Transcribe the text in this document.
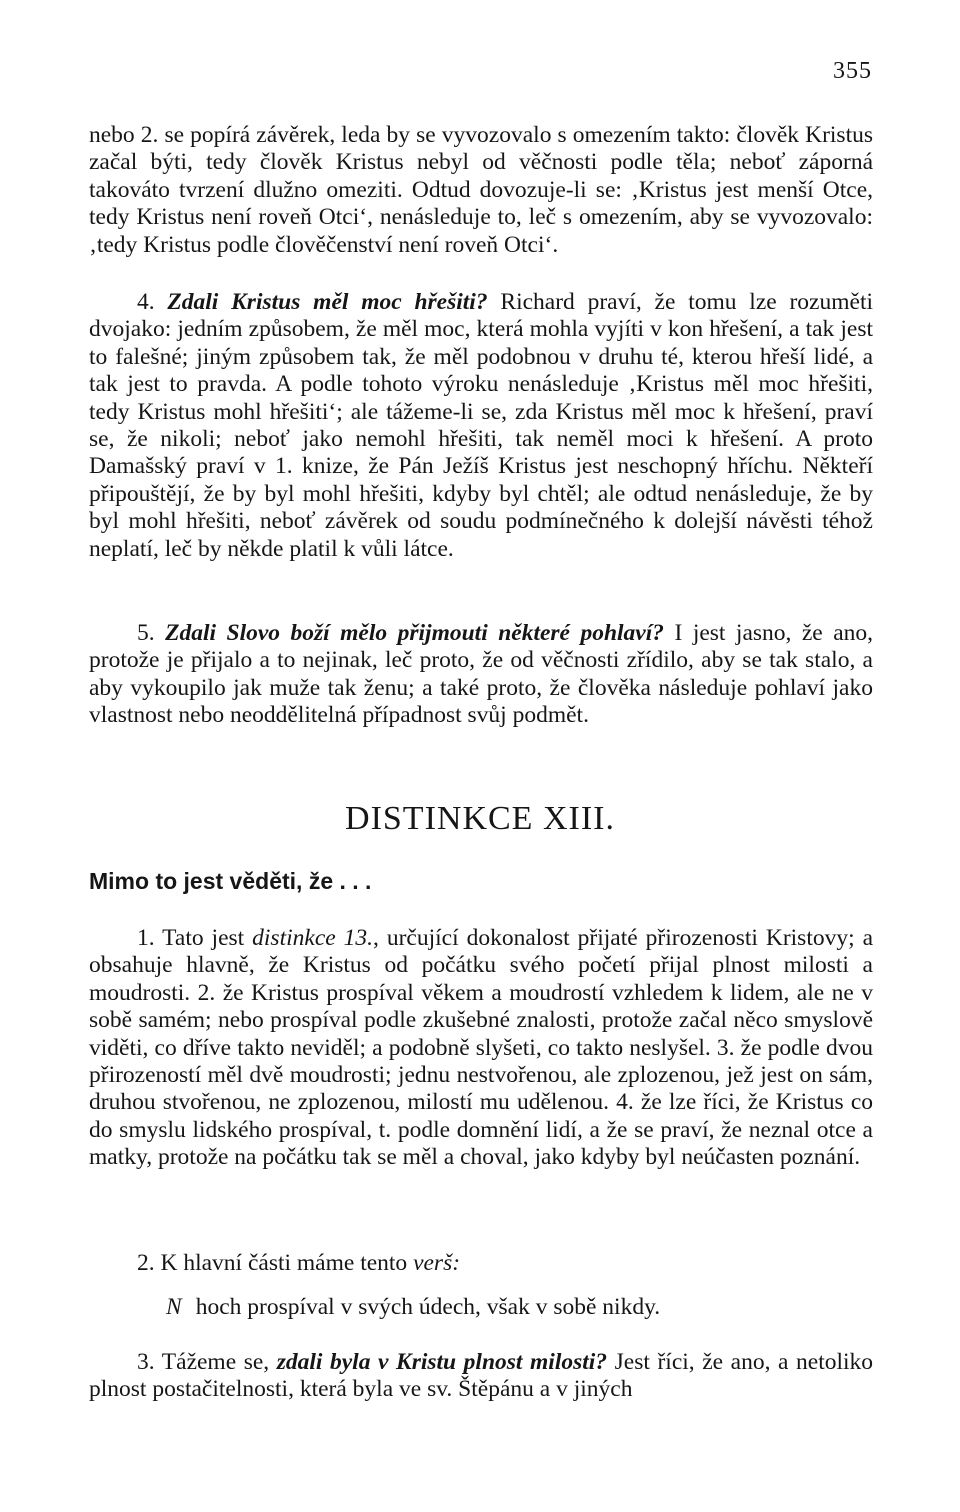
355

nebo 2. se popírá závěrek, leda by se vyvozovalo s omezením takto: člověk Kristus začal býti, tedy člověk Kristus nebyl od věčnosti podle těla; neboť záporná takováto tvrzení dlužno omeziti. Odtud dovozuje-li se: ‚Kristus jest menší Otce, tedy Kristus není roveň Otci‘, nenásleduje to, leč s omezením, aby se vyvozovalo: ‚tedy Kristus podle člověčenství není roveň Otci‘.

4. Zdali Kristus měl moc hřešiti? Richard praví, že tomu lze rozuměti dvojako: jedním způsobem, že měl moc, která mohla vyjíti v kon hřešení, a tak jest to falešné; jiným způsobem tak, že měl podobnou v druhu té, kterou hřeší lidé, a tak jest to pravda. A podle tohoto výroku nenásleduje ‚Kristus měl moc hřešiti, tedy Kristus mohl hřešiti‘; ale tážeme-li se, zda Kristus měl moc k hřešení, praví se, že nikoli; neboť jako nemohl hřešiti, tak neměl moci k hřešení. A proto Damašský praví v 1. knize, že Pán Ježíš Kristus jest neschopný hříchu. Někteří připouštějí, že by byl mohl hřešiti, kdyby byl chtěl; ale odtud nenásleduje, že by byl mohl hřešiti, neboť závěrek od soudu podmínečného k dolejší návěsti téhož neplatí, leč by někde platil k vůli látce.

5. Zdali Slovo boží mělo přijmouti některé pohlaví? I jest jasno, že ano, protože je přijalo a to nejinak, leč proto, že od věčnosti zřídilo, aby se tak stalo, a aby vykoupilo jak muže tak ženu; a také proto, že člověka následuje pohlaví jako vlastnost nebo neoddělitelná případnost svůj podmět.

DISTINKCE XIII.
Mimo to jest věděti, že . . .

1. Tato jest distinkce 13., určující dokonalost přijaté přirozenosti Kristovy; a obsahuje hlavně, že Kristus od počátku svého početí přijal plnost milosti a moudrosti. 2. že Kristus prospíval věkem a moudrostí vzhledem k lidem, ale ne v sobě samém; nebo prospíval podle zkušebné znalosti, protože začal něco smyslově viděti, co dříve takto neviděl; a podobně slyšeti, co takto neslyšel. 3. že podle dvou přirozeností měl dvě moudrosti; jednu nestvořenou, ale zplozenou, jež jest on sám, druhou stvořenou, ne zplozenou, milostí mu udělenou. 4. že lze říci, že Kristus co do smyslu lidského prospíval, t. podle domnění lidí, a že se praví, že neznal otce a matky, protože na počátku tak se měl a choval, jako kdyby byl neúčasten poznání.

2. K hlavní části máme tento verš:

N hoch prospíval v svých údech, však v sobě nikdy.

3. Tážeme se, zdali byla v Kristu plnost milosti? Jest říci, že ano, a netoliko plnost postačitelnosti, která byla ve sv. Štěpánu a v jiných
